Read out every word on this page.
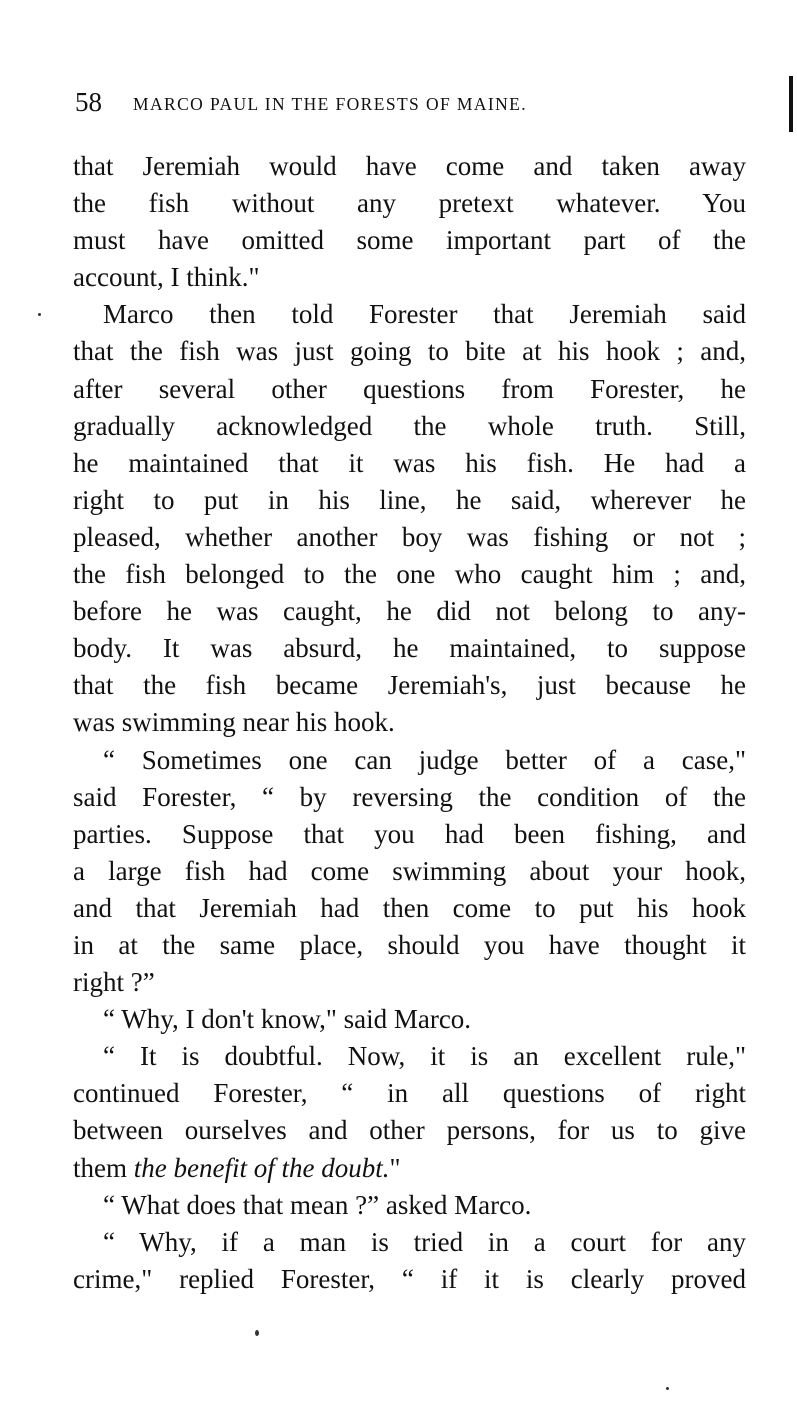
58 MARCO PAUL IN THE FORESTS OF MAINE.
that Jeremiah would have come and taken away
the fish without any pretext whatever. You
must have omitted some important part of the
account, I think."
Marco then told Forester that Jeremiah said
that the fish was just going to bite at his hook ; and,
after several other questions from Forester, he
gradually acknowledged the whole truth. Still,
he maintained that it was his fish. He had a
right to put in his line, he said, wherever he
pleased, whether another boy was fishing or not ;
the fish belonged to the one who caught him ; and,
before he was caught, he did not belong to any-
body. It was absurd, he maintained, to suppose
that the fish became Jeremiah's, just because he
was swimming near his hook.
“ Sometimes one can judge better of a case,"
said Forester, “ by reversing the condition of the
parties. Suppose that you had been fishing, and
a large fish had come swimming about your hook,
and that Jeremiah had then come to put his hook
in at the same place, should you have thought it
right ?”
“ Why, I don't know," said Marco.
“ It is doubtful. Now, it is an excellent rule,"
continued Forester, “ in all questions of right
between ourselves and other persons, for us to give
them the benefit of the doubt."
“ What does that mean ?” asked Marco.
“ Why, if a man is tried in a court for any
crime," replied Forester, “ if it is clearly proved
